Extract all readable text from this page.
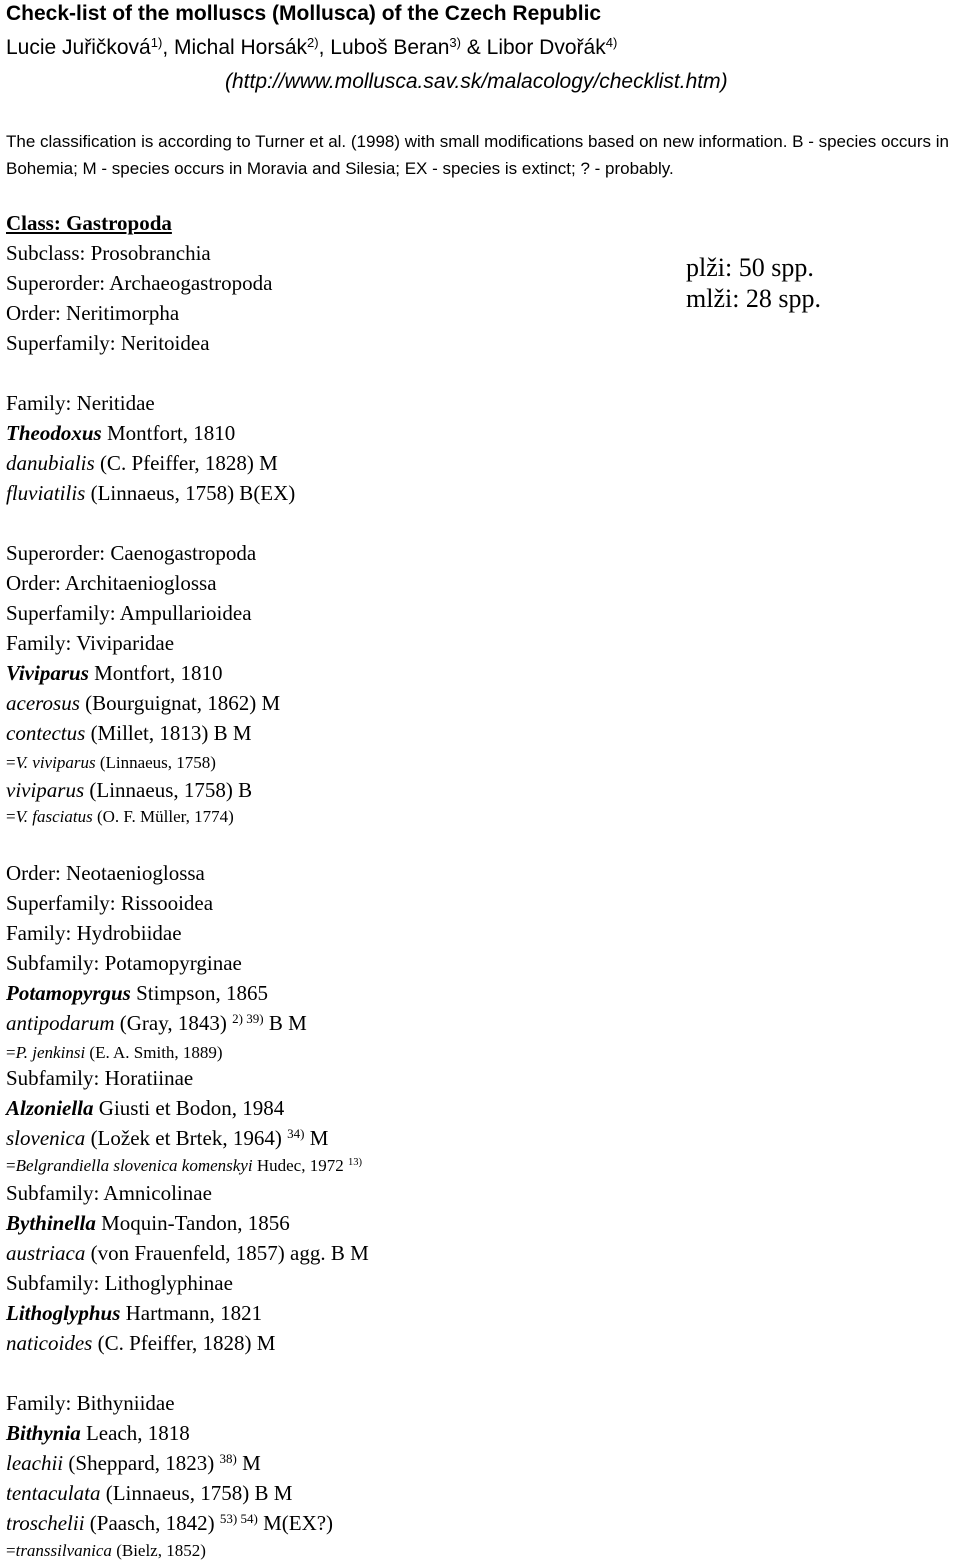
Check-list of the molluscs (Mollusca) of the Czech Republic
Lucie Juřičková$^{1)}$, Michal Horsák$^{2)}$, Luboš Beran$^{3)}$ & Libor Dvořák$^{4)}$
(http://www.mollusca.sav.sk/malacology/checklist.htm)
The classification is according to Turner et al. (1998) with small modifications based on new information. B - species occurs in Bohemia; M - species occurs in Moravia and Silesia; EX - species is extinct; ? - probably.
plži: 50 spp.
mlži: 28 spp.
Class: Gastropoda
Subclass: Prosobranchia
Superorder: Archaeogastropoda
Order: Neritimorpha
Superfamily: Neritoidea
Family: Neritidae
Theodoxus Montfort, 1810
danubialis (C. Pfeiffer, 1828) M
fluviatilis (Linnaeus, 1758) B(EX)
Superorder: Caenogastropoda
Order: Architaenioglossa
Superfamily: Ampullarioidea
Family: Viviparidae
Viviparus Montfort, 1810
acerosus (Bourguignat, 1862) M
contectus (Millet, 1813) B M
=V. viviparus (Linnaeus, 1758)
viviparus (Linnaeus, 1758) B
=V. fasciatus (O. F. Müller, 1774)
Order: Neotaenioglossa
Superfamily: Rissooidea
Family: Hydrobiidae
Subfamily: Potamopyrginae
Potamopyrgus Stimpson, 1865
antipodarum (Gray, 1843) $^{2) 39)}$ B M
=P. jenkinsi (E. A. Smith, 1889)
Subfamily: Horatiinae
Alzoniella Giusti et Bodon, 1984
slovenica (Ložek et Brtek, 1964) $^{34)}$ M
=Belgrandiella slovenica komenskyi Hudec, 1972 $^{13)}$
Subfamily: Amnicolinae
Bythinella Moquin-Tandon, 1856
austriaca (von Frauenfeld, 1857) agg. B M
Subfamily: Lithoglyphinae
Lithoglyphus Hartmann, 1821
naticoides (C. Pfeiffer, 1828) M
Family: Bithyniidae
Bithynia Leach, 1818
leachii (Sheppard, 1823) $^{38)}$ M
tentaculata (Linnaeus, 1758) B M
troschelii (Paasch, 1842) $^{53) 54)}$ M(EX?)
=transsilvanica (Bielz, 1852)
